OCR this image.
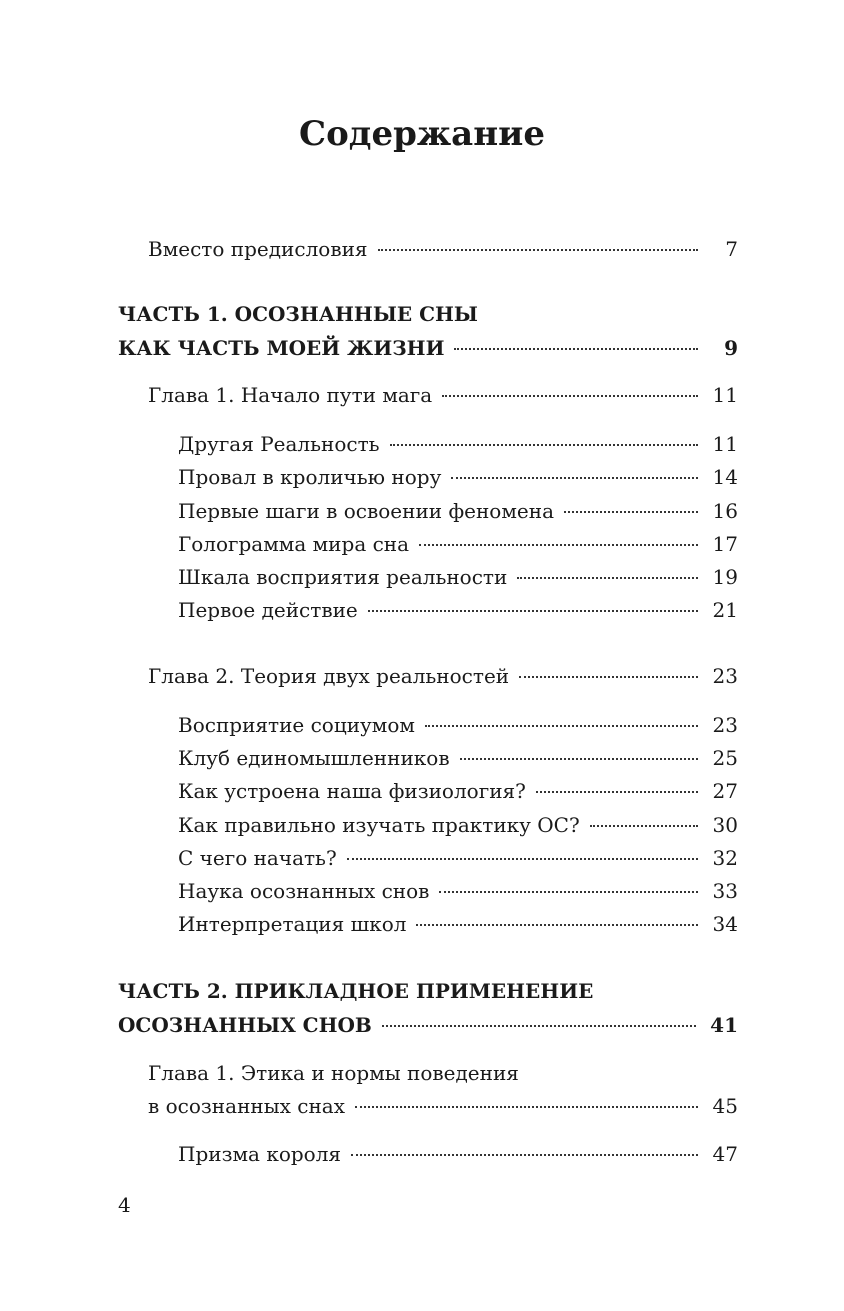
Содержание
Вместо предисловия	7
ЧАСТЬ 1. ОСОЗНАННЫЕ СНЫ
КАК ЧАСТЬ МОЕЙ ЖИЗНИ	9
Глава 1. Начало пути мага	11
Другая Реальность	11
Провал в кроличью нору	14
Первые шаги в освоении феномена	16
Голограмма мира сна	17
Шкала восприятия реальности	19
Первое действие	21
Глава 2. Теория двух реальностей	23
Восприятие социумом	23
Клуб единомышленников	25
Как устроена наша физиология?	27
Как правильно изучать практику ОС?	30
С чего начать?	32
Наука осознанных снов	33
Интерпретация школ	34
ЧАСТЬ 2. ПРИКЛАДНОЕ ПРИМЕНЕНИЕ
ОСОЗНАННЫХ СНОВ	41
Глава 1. Этика и нормы поведения
в осознанных снах	45
Призма короля	47
4
